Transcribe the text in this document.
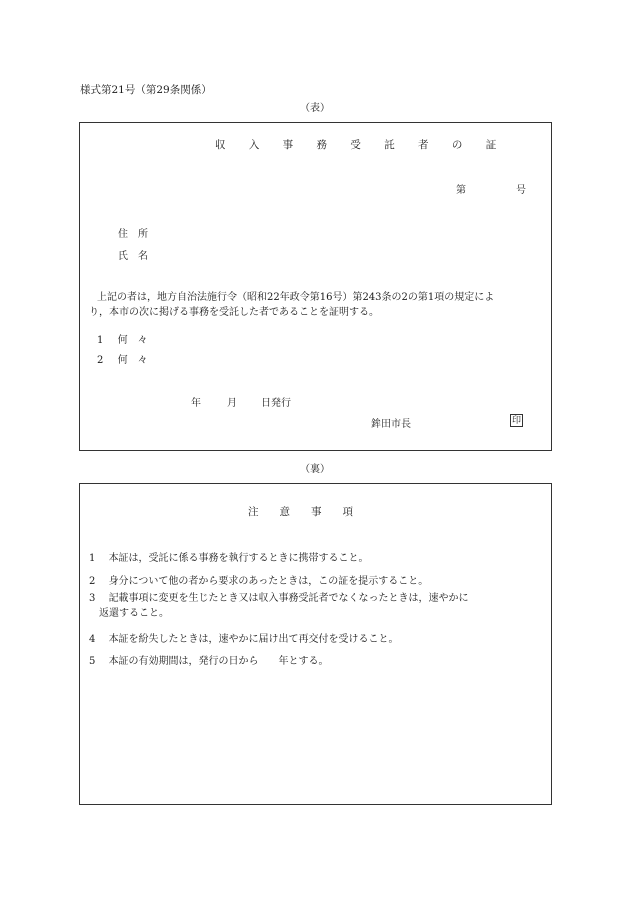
様式第21号（第29条関係）
（表）
収 入 事 務 受 託 者 の 証
第	号
住　所
氏　名
上記の者は，地方自治法施行令（昭和22年政令第16号）第243条の2の第1項の規定によ
り，本市の次に掲げる事務を受託した者であることを証明する。
1 何　々
2 何　々
年	月 日発行
鉾田市長	印
（裏）
注　　意　　事　　項
1 本証は，受託に係る事務を執行するときに携帯すること。
2 身分について他の者から要求のあったときは，この証を提示すること。
3 記載事項に変更を生じたとき又は収入事務受託者でなくなったときは，速やかに
返還すること。
4 本証を紛失したときは，速やかに届け出て再交付を受けること。
5 本証の有効期間は，発行の日から　　年とする。
